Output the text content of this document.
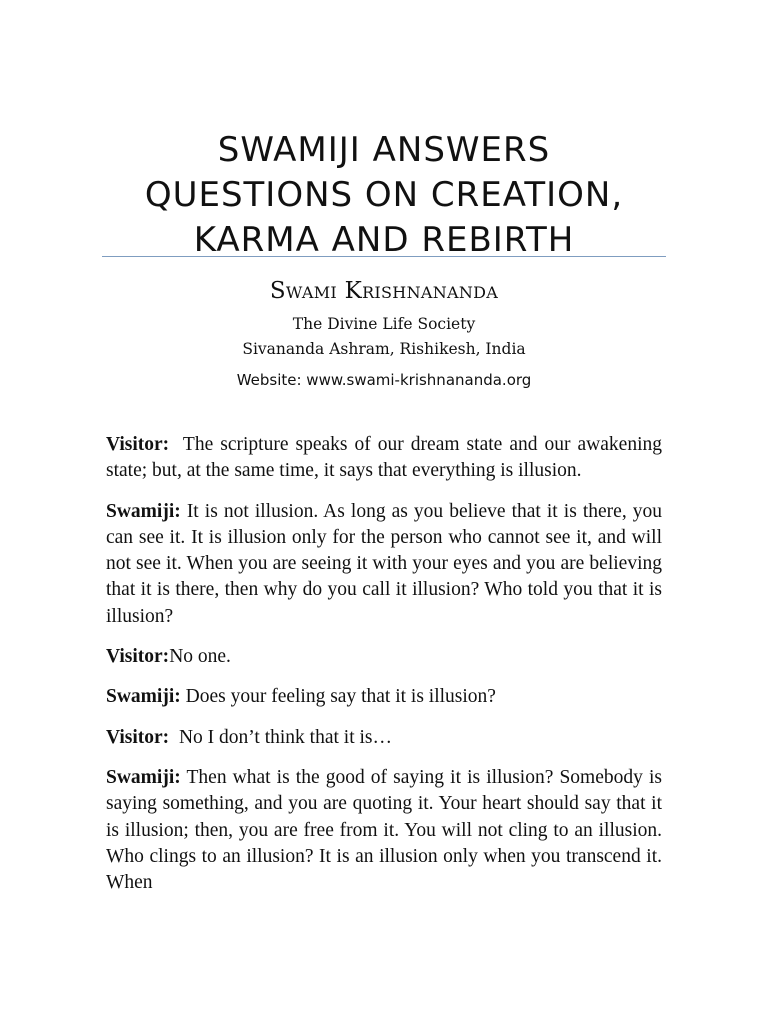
SWAMIJI ANSWERS
QUESTIONS ON CREATION,
KARMA AND REBIRTH
Swami Krishnananda
The Divine Life Society
Sivananda Ashram, Rishikesh, India
Website: www.swami-krishnananda.org

Visitor: The scripture speaks of our dream state and our awakening state; but, at the same time, it says that everything is illusion.

Swamiji: It is not illusion. As long as you believe that it is there, you can see it. It is illusion only for the person who cannot see it, and will not see it. When you are seeing it with your eyes and you are believing that it is there, then why do you call it illusion? Who told you that it is illusion?

Visitor:No one.

Swamiji: Does your feeling say that it is illusion?

Visitor: No I don’t think that it is…

Swamiji: Then what is the good of saying it is illusion? Somebody is saying something, and you are quoting it. Your heart should say that it is illusion; then, you are free from it. You will not cling to an illusion. Who clings to an illusion? It is an illusion only when you transcend it. When
